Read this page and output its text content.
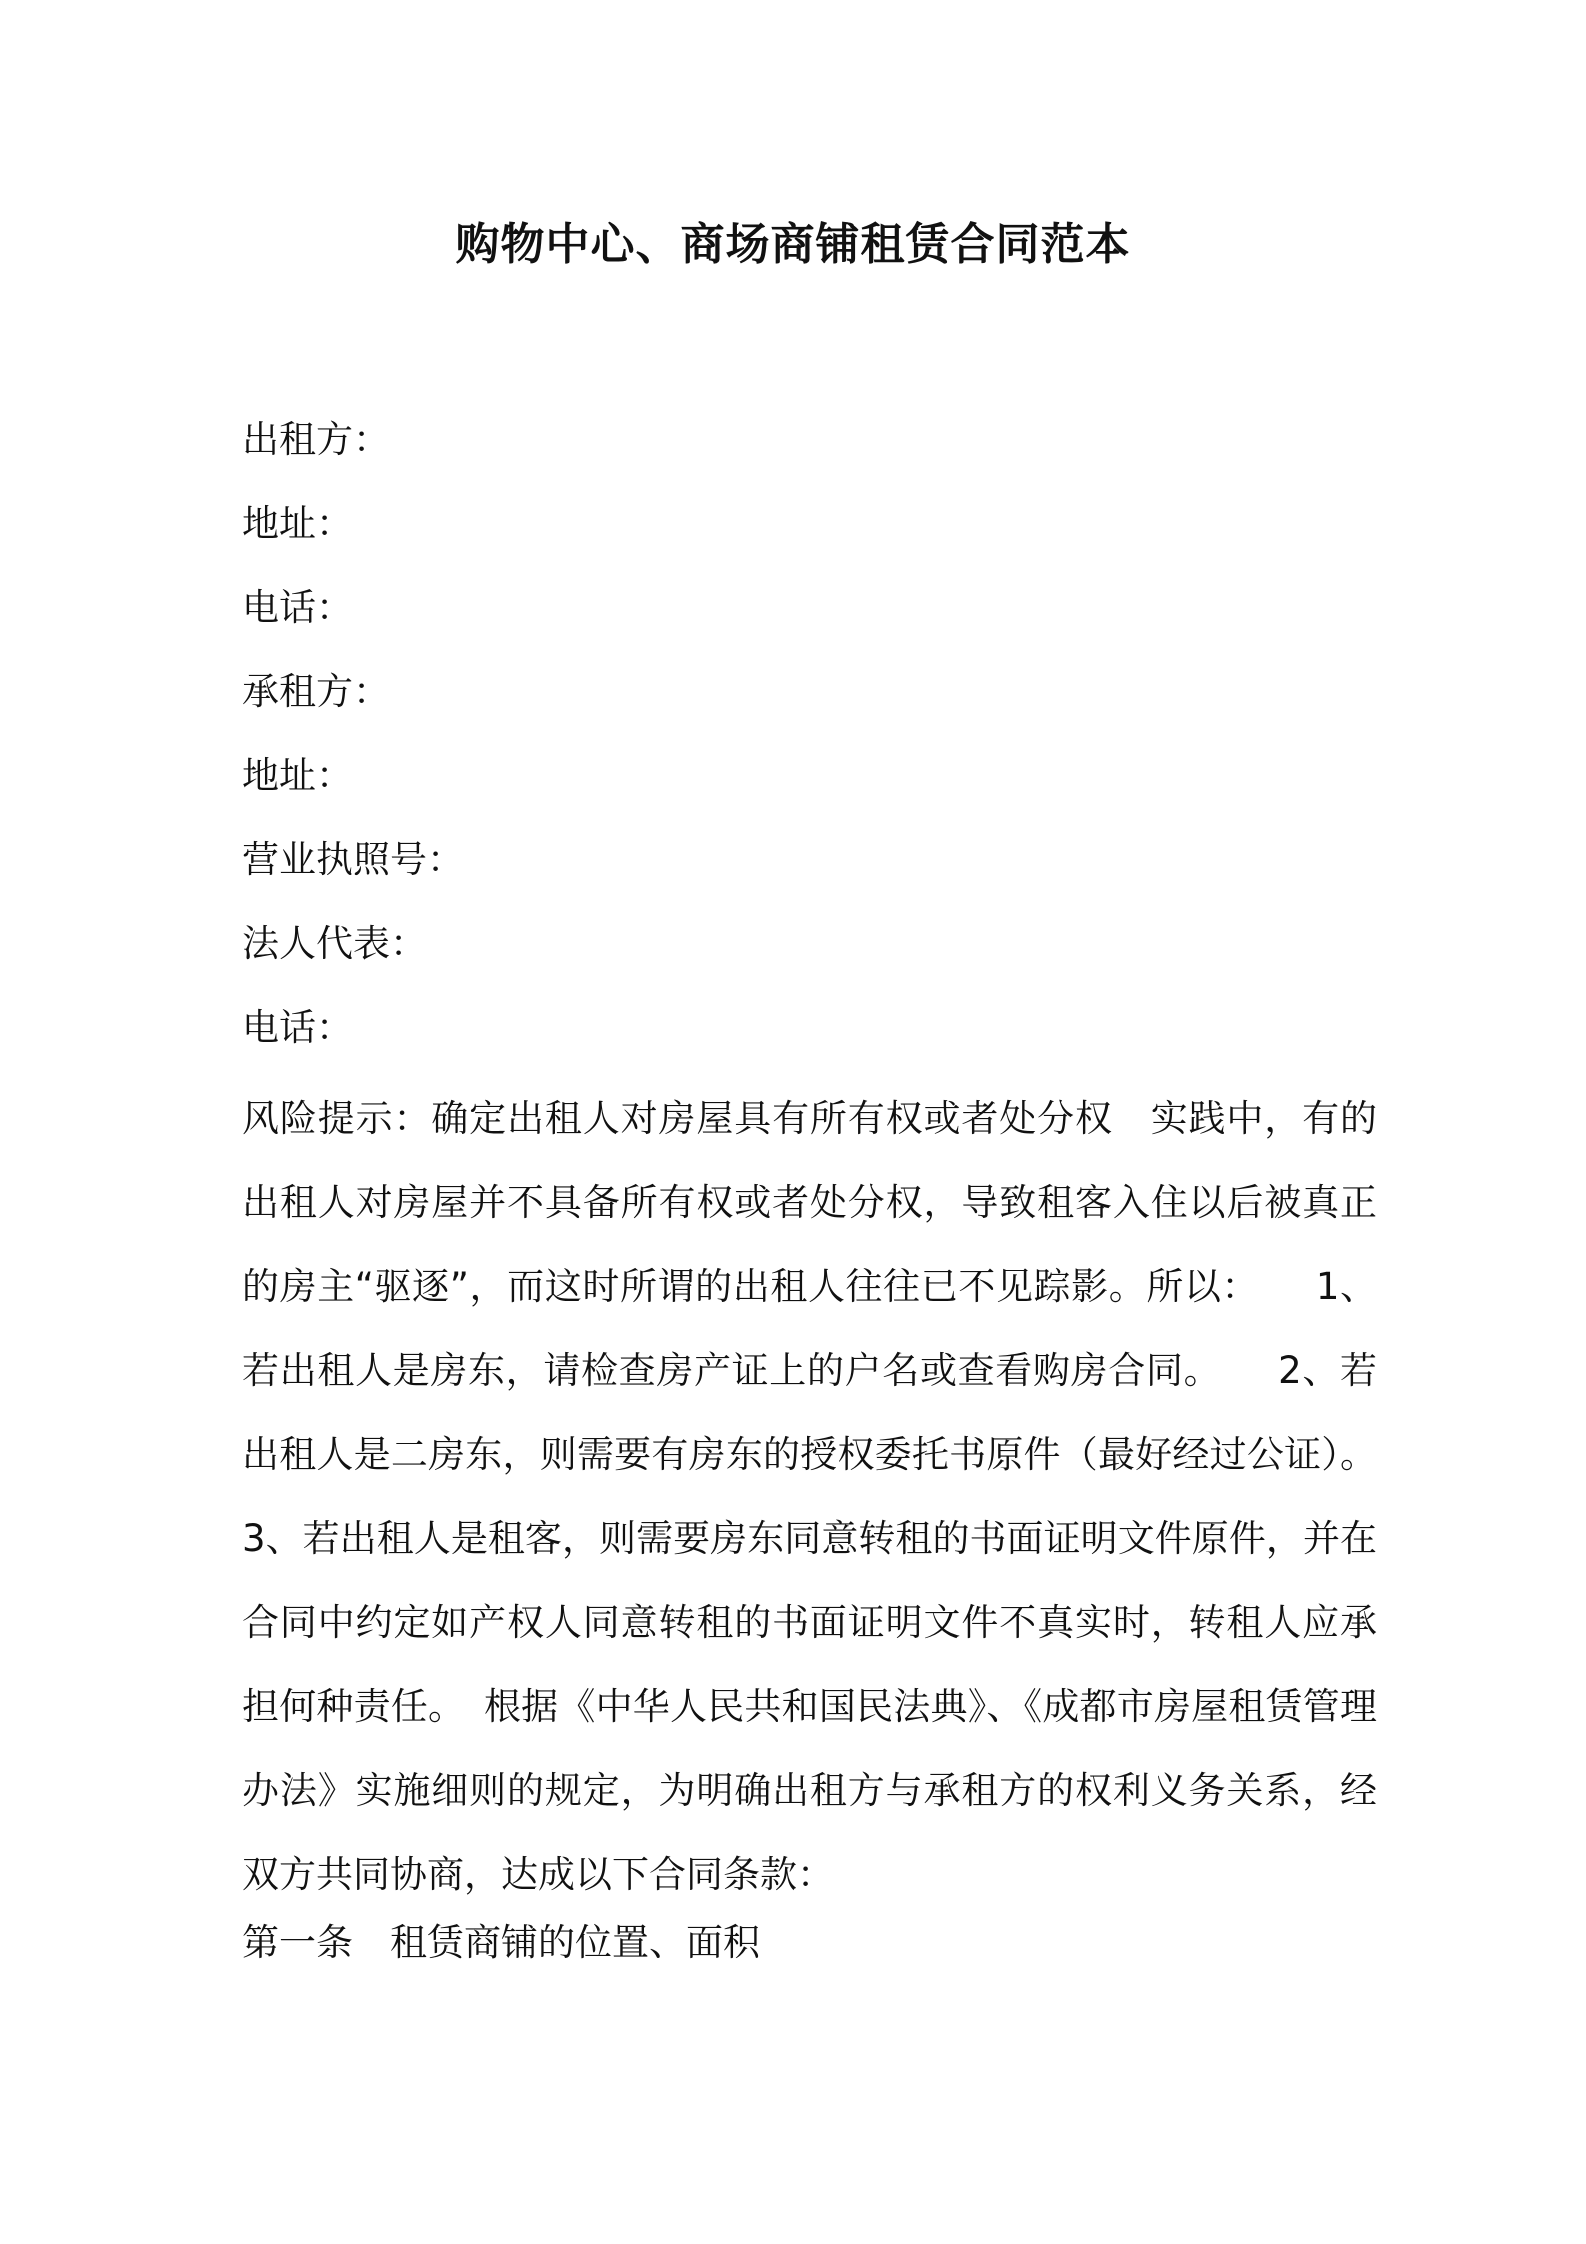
购物中心、商场商铺租赁合同范本
出租方：
地址：
电话：
承租方：
地址：
营业执照号：
法人代表：
电话：

风险提示：确定出租人对房屋具有所有权或者处分权　实践中，有的出租人对房屋并不具备所有权或者处分权，导致租客入住以后被真正的房主“驱逐”，而这时所谓的出租人往往已不见踪影。所以：　　1、若出租人是房东，请检查房产证上的户名或查看购房合同。　　2、若出租人是二房东，则需要有房东的授权委托书原件（最好经过公证）。3、若出租人是租客，则需要房东同意转租的书面证明文件原件，并在合同中约定如产权人同意转租的书面证明文件不真实时，转租人应承担何种责任。　根据《中华人民共和国民法典》、《成都市房屋租赁管理办法》实施细则的规定，为明确出租方与承租方的权利义务关系，经双方共同协商，达成以下合同条款：

第一条　租赁商铺的位置、面积
